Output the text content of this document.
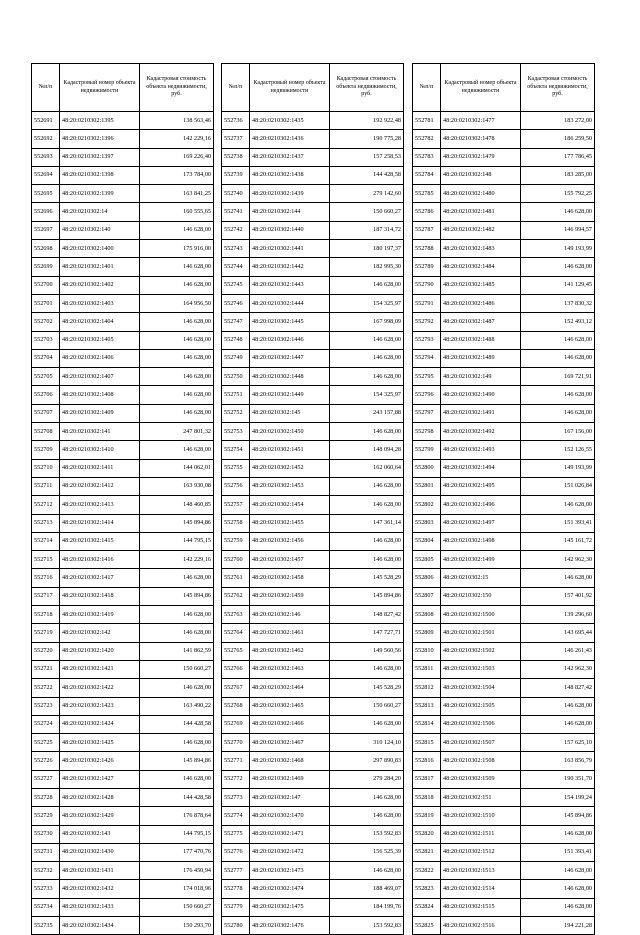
№п/п	Кадастровый номер объекта недвижимости	Кадастровая стоимость объекта недвижимости, руб.
552691	48:20:0210302:1395	138 563,46
552692	48:20:0210302:1396	142 229,16
552693	48:20:0210302:1397	169 226,40
552694	48:20:0210302:1398	173 784,00
552695	48:20:0210302:1399	163 841,25
552696	48:20:0210302:14	160 555,65
552697	48:20:0210302:140	146 628,00
552698	48:20:0210302:1400	175 916,00
552699	48:20:0210302:1401	146 628,00
552700	48:20:0210302:1402	146 628,00
552701	48:20:0210302:1403	164 956,50
552702	48:20:0210302:1404	146 628,00
552703	48:20:0210302:1405	146 628,00
552704	48:20:0210302:1406	146 628,00
552705	48:20:0210302:1407	146 628,00
552706	48:20:0210302:1408	146 628,00
552707	48:20:0210302:1409	146 628,00
552708	48:20:0210302:141	247 801,32
552709	48:20:0210302:1410	146 628,00
552710	48:20:0210302:1411	144 062,01
552711	48:20:0210302:1412	163 930,08
552712	48:20:0210302:1413	148 460,85
552713	48:20:0210302:1414	145 894,86
552714	48:20:0210302:1415	144 795,15
552715	48:20:0210302:1416	142 229,16
552716	48:20:0210302:1417	146 628,00
552717	48:20:0210302:1418	145 894,86
552718	48:20:0210302:1419	146 628,00
552719	48:20:0210302:142	146 628,00
552720	48:20:0210302:1420	141 862,59
552721	48:20:0210302:1421	150 660,27
552722	48:20:0210302:1422	146 628,00
552723	48:20:0210302:1423	163 490,22
552724	48:20:0210302:1424	144 428,58
552725	48:20:0210302:1425	146 628,00
552726	48:20:0210302:1426	145 894,86
552727	48:20:0210302:1427	146 628,00
552728	48:20:0210302:1428	144 428,58
552729	48:20:0210302:1429	176 878,64
552730	48:20:0210302:143	144 795,15
552731	48:20:0210302:1430	177 470,76
552732	48:20:0210302:1431	176 450,94
552733	48:20:0210302:1432	174 018,96
552734	48:20:0210302:1433	150 660,27
552735	48:20:0210302:1434	150 293,70
№п/п	Кадастровый номер объекта недвижимости	Кадастровая стоимость объекта недвижимости, руб.
552736	48:20:0210302:1435	192 922,48
552737	48:20:0210302:1436	190 775,28
552738	48:20:0210302:1437	157 258,53
552739	48:20:0210302:1438	144 428,58
552740	48:20:0210302:1439	279 142,60
552741	48:20:0210302:144	150 660,27
552742	48:20:0210302:1440	187 314,72
552743	48:20:0210302:1441	180 197,37
552744	48:20:0210302:1442	182 995,30
552745	48:20:0210302:1443	146 628,00
552746	48:20:0210302:1444	154 325,97
552747	48:20:0210302:1445	167 998,09
552748	48:20:0210302:1446	146 628,00
552749	48:20:0210302:1447	146 628,00
552750	48:20:0210302:1448	146 628,00
552751	48:20:0210302:1449	154 325,97
552752	48:20:0210302:145	243 157,88
552753	48:20:0210302:1450	146 628,00
552754	48:20:0210302:1451	148 094,28
552755	48:20:0210302:1452	162 060,64
552756	48:20:0210302:1453	146 628,00
552757	48:20:0210302:1454	146 628,00
552758	48:20:0210302:1455	147 361,14
552759	48:20:0210302:1456	146 628,00
552760	48:20:0210302:1457	146 628,00
552761	48:20:0210302:1458	145 528,29
552762	48:20:0210302:1459	145 894,86
552763	48:20:0210302:146	148 827,42
552764	48:20:0210302:1461	147 727,71
552765	48:20:0210302:1462	149 560,56
552766	48:20:0210302:1463	146 628,00
552767	48:20:0210302:1464	145 528,29
552768	48:20:0210302:1465	150 660,27
552769	48:20:0210302:1466	146 628,00
552770	48:20:0210302:1467	310 124,10
552771	48:20:0210302:1468	297 890,83
552772	48:20:0210302:1469	279 284,20
552773	48:20:0210302:147	146 628,00
552774	48:20:0210302:1470	146 628,00
552775	48:20:0210302:1471	153 592,83
552776	48:20:0210302:1472	156 525,39
552777	48:20:0210302:1473	146 628,00
552778	48:20:0210302:1474	188 469,07
552779	48:20:0210302:1475	184 199,76
552780	48:20:0210302:1476	153 592,83
№п/п	Кадастровый номер объекта недвижимости	Кадастровая стоимость объекта недвижимости, руб.
552781	48:20:0210302:1477	183 272,00
552782	48:20:0210302:1478	186 259,50
552783	48:20:0210302:1479	177 786,45
552784	48:20:0210302:148	183 285,00
552785	48:20:0210302:1480	155 792,25
552786	48:20:0210302:1481	146 628,00
552787	48:20:0210302:1482	146 994,57
552788	48:20:0210302:1483	149 193,99
552789	48:20:0210302:1484	146 628,00
552790	48:20:0210302:1485	141 129,45
552791	48:20:0210302:1486	137 830,32
552792	48:20:0210302:1487	152 493,12
552793	48:20:0210302:1488	146 628,00
552794	48:20:0210302:1489	146 628,00
552795	48:20:0210302:149	169 721,91
552796	48:20:0210302:1490	146 628,00
552797	48:20:0210302:1491	146 628,00
552798	48:20:0210302:1492	167 156,00
552799	48:20:0210302:1493	152 126,55
552800	48:20:0210302:1494	149 193,99
552801	48:20:0210302:1495	151 026,84
552802	48:20:0210302:1496	146 628,00
552803	48:20:0210302:1497	151 393,41
552804	48:20:0210302:1498	145 161,72
552805	48:20:0210302:1499	142 962,30
552806	48:20:0210302:15	146 628,00
552807	48:20:0210302:150	157 401,92
552808	48:20:0210302:1500	139 296,60
552809	48:20:0210302:1501	143 695,44
552810	48:20:0210302:1502	146 261,43
552811	48:20:0210302:1503	142 962,30
552812	48:20:0210302:1504	148 827,42
552813	48:20:0210302:1505	146 628,00
552814	48:20:0210302:1506	146 628,00
552815	48:20:0210302:1507	157 625,10
552816	48:20:0210302:1508	163 856,79
552817	48:20:0210302:1509	190 351,70
552818	48:20:0210302:151	154 199,24
552819	48:20:0210302:1510	145 894,86
552820	48:20:0210302:1511	146 628,00
552821	48:20:0210302:1512	151 393,41
552822	48:20:0210302:1513	146 628,00
552823	48:20:0210302:1514	146 628,00
552824	48:20:0210302:1515	146 628,00
552825	48:20:0210302:1516	194 221,28
